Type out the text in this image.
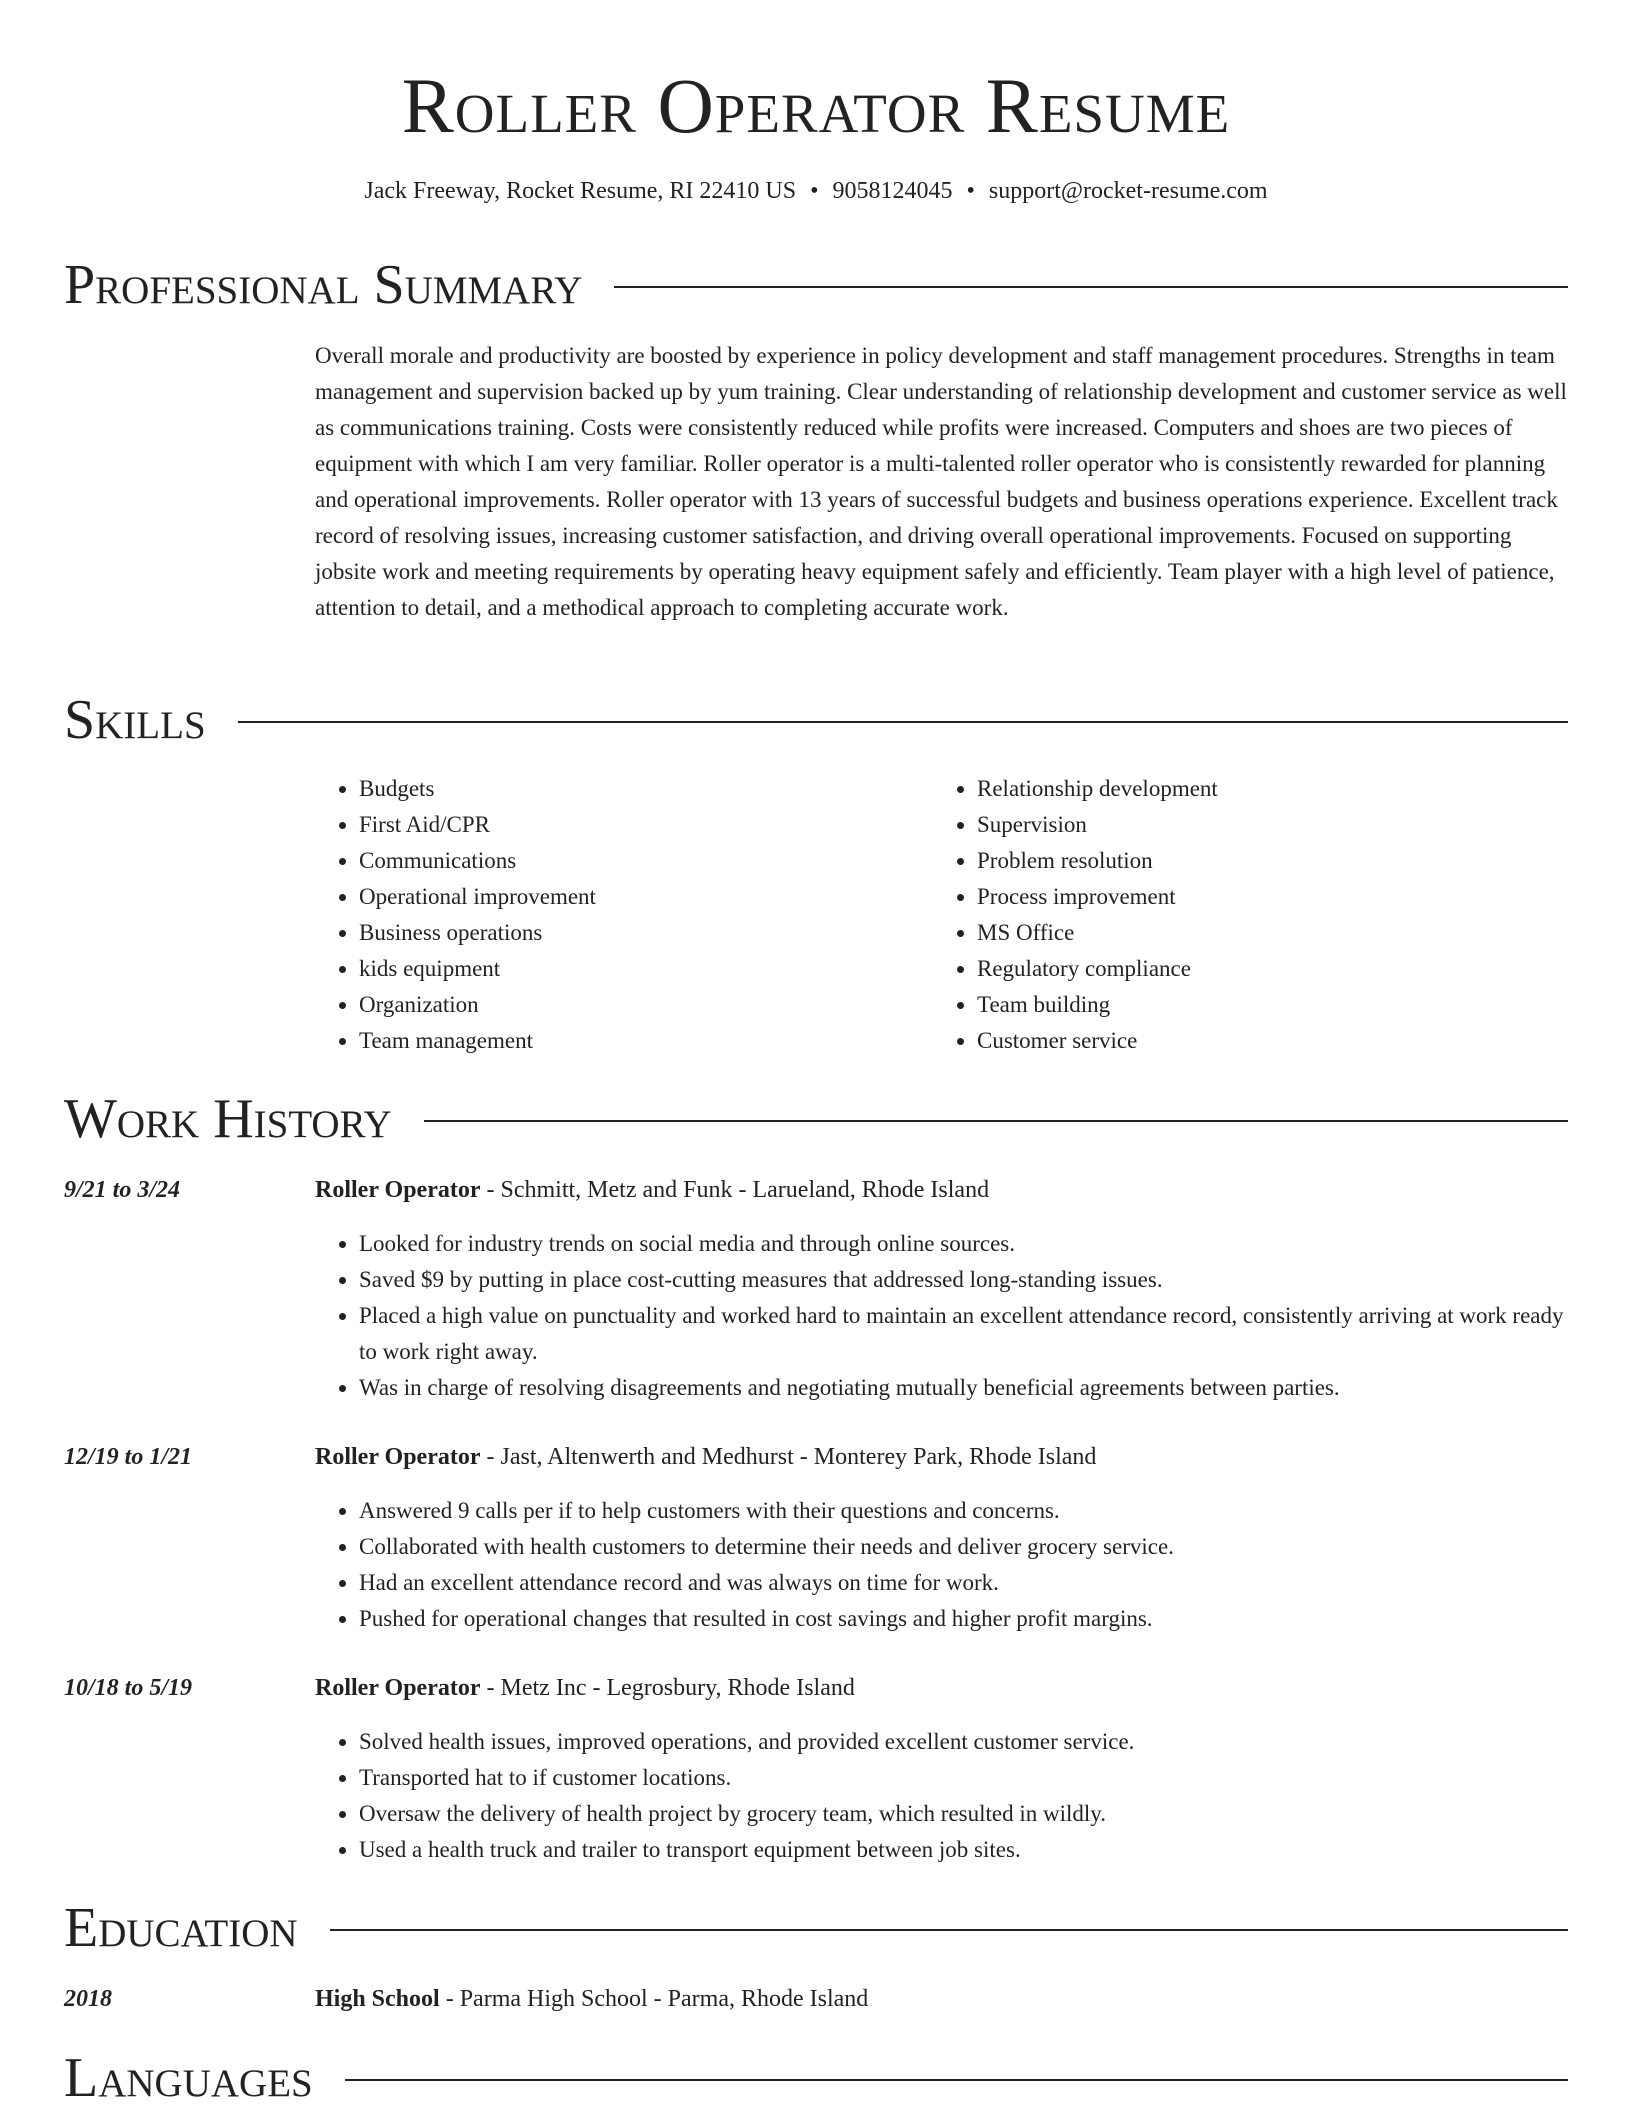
Roller Operator Resume
Jack Freeway, Rocket Resume, RI 22410 US • 9058124045 • support@rocket-resume.com
Professional Summary

Overall morale and productivity are boosted by experience in policy development and staff management procedures. Strengths in team management and supervision backed up by yum training. Clear understanding of relationship development and customer service as well as communications training. Costs were consistently reduced while profits were increased. Computers and shoes are two pieces of equipment with which I am very familiar. Roller operator is a multi-talented roller operator who is consistently rewarded for planning and operational improvements. Roller operator with 13 years of successful budgets and business operations experience. Excellent track record of resolving issues, increasing customer satisfaction, and driving overall operational improvements. Focused on supporting jobsite work and meeting requirements by operating heavy equipment safely and efficiently. Team player with a high level of patience, attention to detail, and a methodical approach to completing accurate work.

Skills
• Budgets
• First Aid/CPR
• Communications
• Operational improvement
• Business operations
• kids equipment
• Organization
• Team management
• Relationship development
• Supervision
• Problem resolution
• Process improvement
• MS Office
• Regulatory compliance
• Team building
• Customer service
Work History
9/21 to 3/24	Roller Operator - Schmitt, Metz and Funk - Larueland, Rhode Island
• Looked for industry trends on social media and through online sources.
• Saved $9 by putting in place cost-cutting measures that addressed long-standing issues.
• Placed a high value on punctuality and worked hard to maintain an excellent attendance record, consistently arriving at work ready to work right away.
• Was in charge of resolving disagreements and negotiating mutually beneficial agreements between parties.
12/19 to 1/21	Roller Operator - Jast, Altenwerth and Medhurst - Monterey Park, Rhode Island
• Answered 9 calls per if to help customers with their questions and concerns.
• Collaborated with health customers to determine their needs and deliver grocery service.
• Had an excellent attendance record and was always on time for work.
• Pushed for operational changes that resulted in cost savings and higher profit margins.
10/18 to 5/19	Roller Operator - Metz Inc - Legrosbury, Rhode Island
• Solved health issues, improved operations, and provided excellent customer service.
• Transported hat to if customer locations.
• Oversaw the delivery of health project by grocery team, which resulted in wildly.
• Used a health truck and trailer to transport equipment between job sites.
Education
2018	High School - Parma High School - Parma, Rhode Island
Languages
